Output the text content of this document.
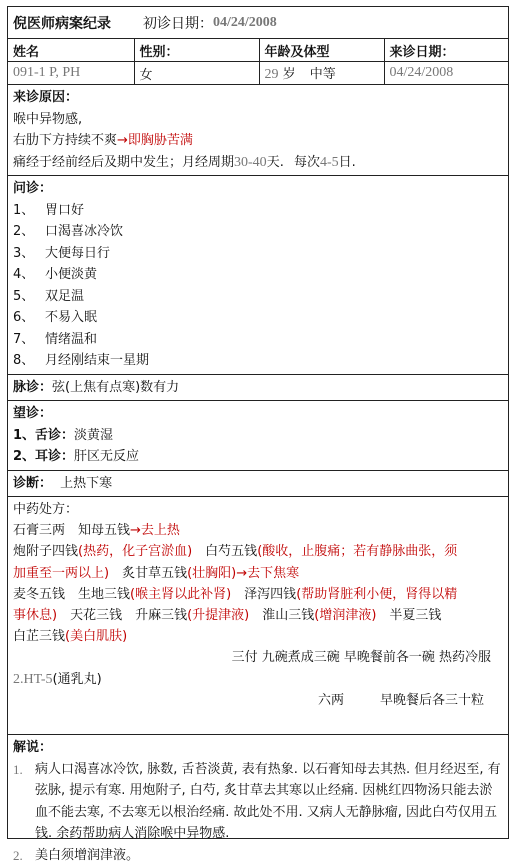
倪医师病案纪录 初诊日期： 04/24/2008
姓名	性别：	年龄及体型	来诊日期：
091-1 P, PH	女	29 岁 中等	04/24/2008
来诊原因：
喉中异物感,
右肋下方持续不爽→即胸胁苦满
痛经于经前经后及期中发生；月经周期30-40天. 每次4-5日.
问诊：
1、 胃口好
2、 口渴喜冰冷饮
3、 大便每日行
4、 小便淡黄
5、 双足温
6、 不易入眠
7、 情绪温和
8、 月经刚结束一星期
脉诊：弦(上焦有点寒)数有力
望诊：
1、舌诊：淡黄湿
2、耳诊：肝区无反应
诊断： 上热下寒
中药处方：
石膏三两　知母五钱→去上热
炮附子四钱(热药，化子宫淤血)　白芍五钱(酸收，止腹痛；若有静脉曲张，须
加重至一两以上)　炙甘草五钱(壮胸阳)→去下焦寒
麦冬五钱　生地三钱(喉主肾以此补肾)　泽泻四钱(帮助肾脏利小便，肾得以精
事休息)　天花三钱　升麻三钱(升提津液)　淮山三钱(增润津液)　半夏三钱
白芷三钱(美白肌肤)
三付 九碗煮成三碗 早晚餐前各一碗 热药冷服
2.HT-5(通乳丸)
六两	早晚餐后各三十粒
解说：
1. 病人口渴喜冰冷饮, 脉数, 舌苔淡黄, 表有热象. 以石膏知母去其热. 但月经迟至, 有弦脉, 提示有寒. 用炮附子, 白芍, 炙甘草去其寒以止经痛. 因桃红四物汤只能去淤血不能去寒, 不去寒无以根治经痛. 故此处不用. 又病人无静脉瘤, 因此白芍仅用五钱. 余药帮助病人消除喉中异物感.
2. 美白须增润津液。
